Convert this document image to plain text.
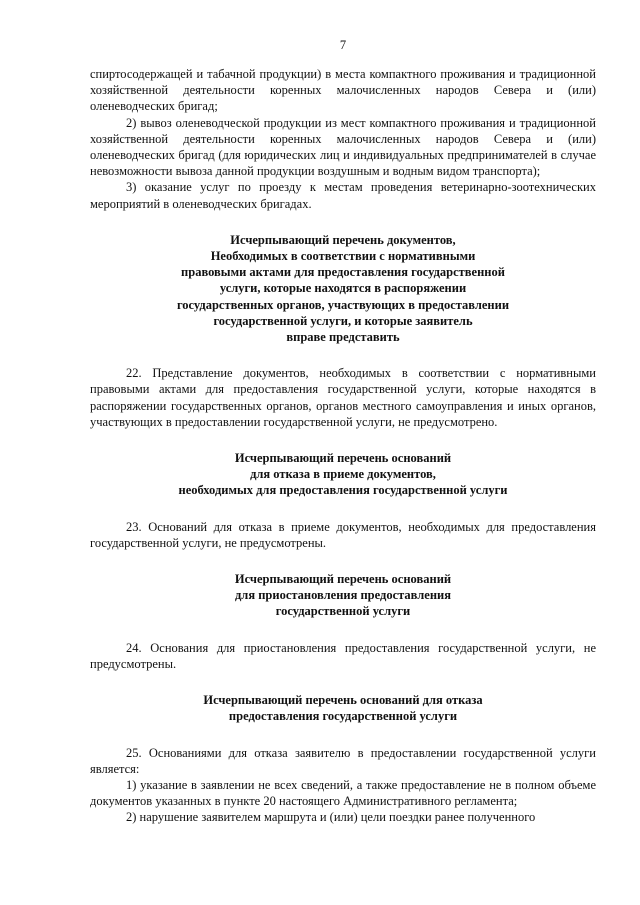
7

спиртосодержащей и табачной продукции) в места компактного проживания и традиционной хозяйственной деятельности коренных малочисленных народов Севера и (или) оленеводческих бригад;

2) вывоз оленеводческой продукции из мест компактного проживания и традиционной хозяйственной деятельности коренных малочисленных народов Севера и (или) оленеводческих бригад (для юридических лиц и индивидуальных предпринимателей в случае невозможности вывоза данной продукции воздушным и водным видом транспорта);

3) оказание услуг по проезду к местам проведения ветеринарно-зоотехнических мероприятий в оленеводческих бригадах.

Исчерпывающий перечень документов,
Необходимых в соответствии с нормативными
правовыми актами для предоставления государственной
услуги, которые находятся в распоряжении
государственных органов, участвующих в предоставлении
государственной услуги, и которые заявитель
вправе представить

22. Представление документов, необходимых в соответствии с нормативными правовыми актами для предоставления государственной услуги, которые находятся в распоряжении государственных органов, органов местного самоуправления и иных органов, участвующих в предоставлении государственной услуги, не предусмотрено.

Исчерпывающий перечень оснований
для отказа в приеме документов,
необходимых для предоставления государственной услуги

23. Оснований для отказа в приеме документов, необходимых для предоставления государственной услуги, не предусмотрены.

Исчерпывающий перечень оснований
для приостановления предоставления
государственной услуги

24. Основания для приостановления предоставления государственной услуги, не предусмотрены.

Исчерпывающий перечень оснований для отказа
предоставления государственной услуги

25. Основаниями для отказа заявителю в предоставлении государственной услуги является:

1) указание в заявлении не всех сведений, а также предоставление не в полном объеме документов указанных в пункте 20 настоящего Административного регламента;

2) нарушение заявителем маршрута и (или) цели поездки ранее полученного
